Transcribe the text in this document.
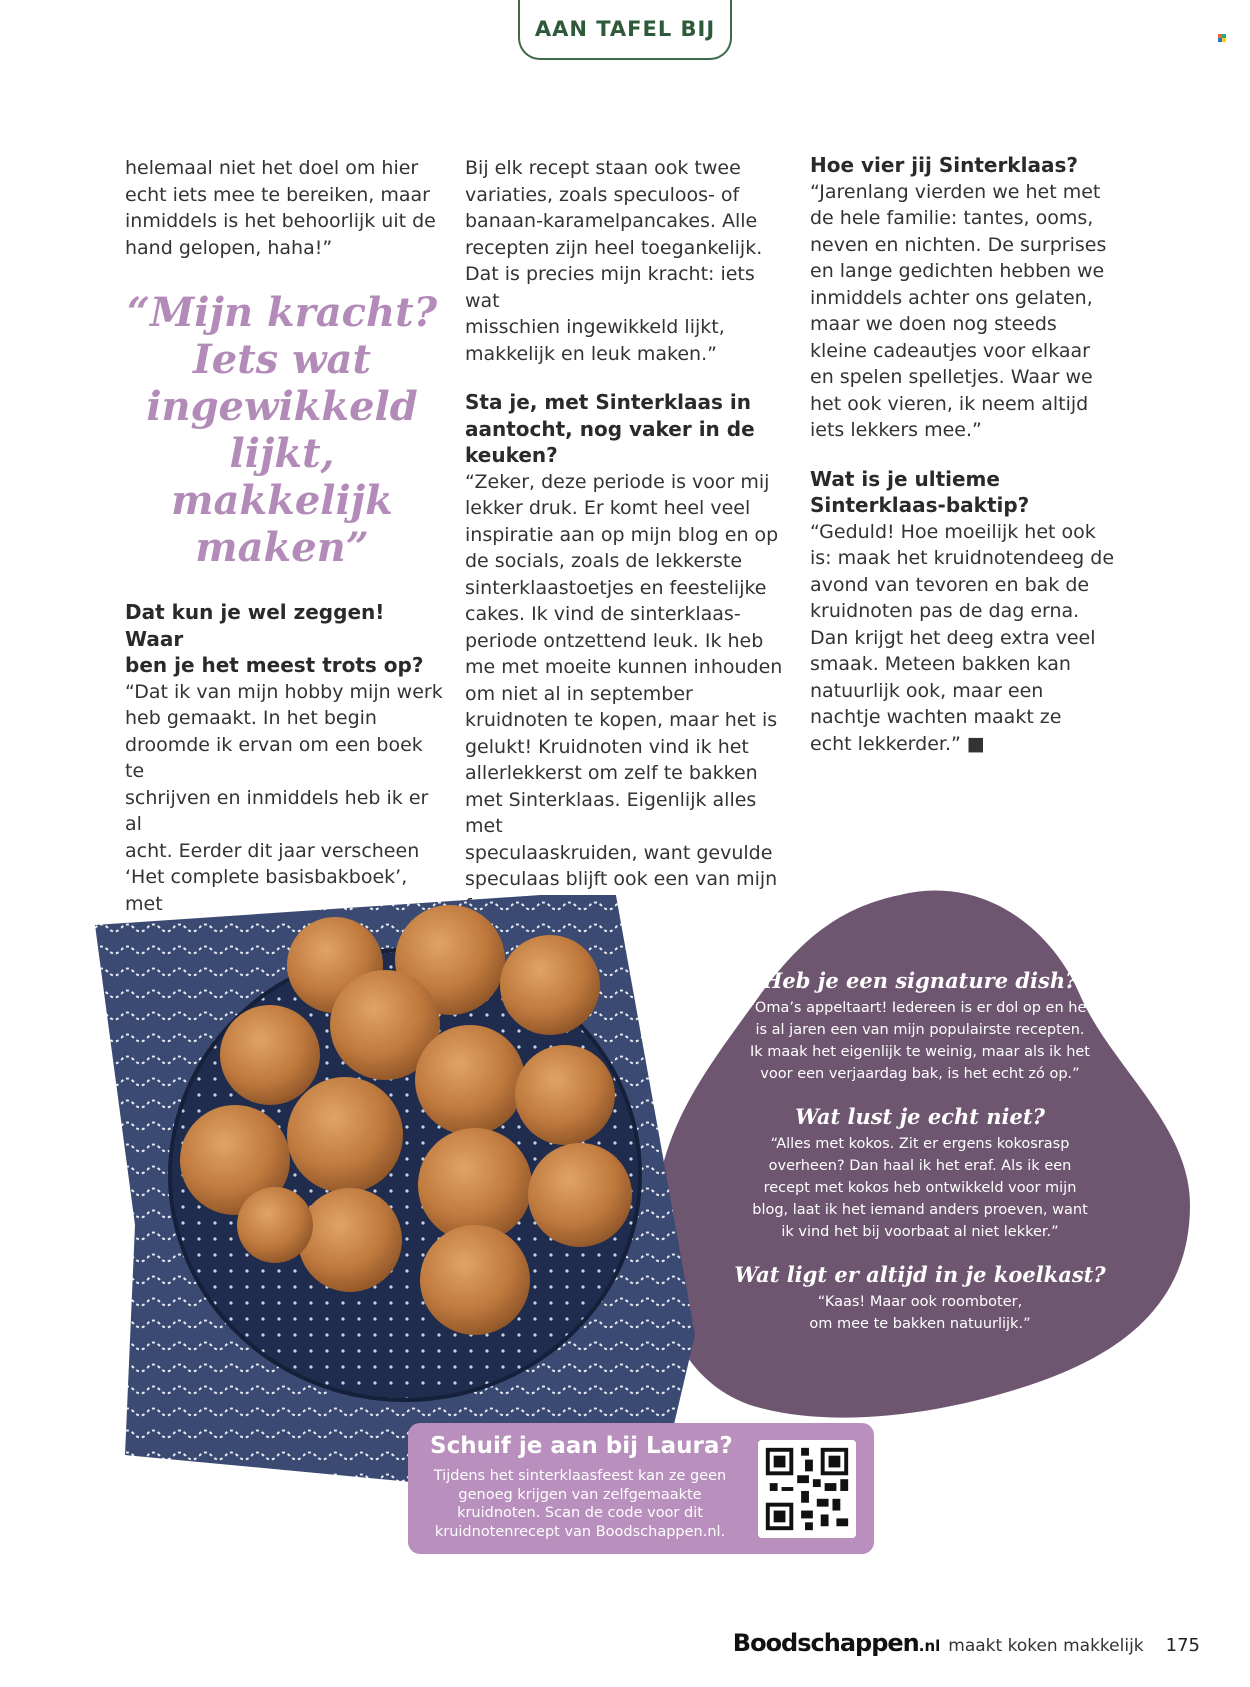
AAN TAFEL BIJ

helemaal niet het doel om hier
echt iets mee te bereiken, maar
inmiddels is het behoorlijk uit de
hand gelopen, haha!”

“Mijn kracht?
Iets wat
ingewikkeld
lijkt,
makkelijk
maken”
Dat kun je wel zeggen! Waar
ben je het meest trots op?

“Dat ik van mijn hobby mijn werk
heb gemaakt. In het begin
droomde ik ervan om een boek te
schrijven en inmiddels heb ik er al
acht. Eerder dit jaar verscheen
‘Het complete basisbakboek’, met

Bij elk recept staan ook twee
variaties, zoals speculoos- of
banaan-karamelpancakes. Alle
recepten zijn heel toegankelijk.
Dat is precies mijn kracht: iets wat
misschien ingewikkeld lijkt,
makkelijk en leuk maken.”

Sta je, met Sinterklaas in
aantocht, nog vaker in de
keuken?

“Zeker, deze periode is voor mij
lekker druk. Er komt heel veel
inspiratie aan op mijn blog en op
de socials, zoals de lekkerste
sinterklaastoetjes en feestelijke
cakes. Ik vind de sinterklaas-
periode ontzettend leuk. Ik heb
me met moeite kunnen inhouden
om niet al in september
kruidnoten te kopen, maar het is
gelukt! Kruidnoten vind ik het
allerlekkerst om zelf te bakken
met Sinterklaas. Eigenlijk alles met
speculaaskruiden, want gevulde
speculaas blijft ook een van mijn

Hoe vier jij Sinterklaas?

“Jarenlang vierden we het met
de hele familie: tantes, ooms,
neven en nichten. De surprises
en lange gedichten hebben we
inmiddels achter ons gelaten,
maar we doen nog steeds
kleine cadeautjes voor elkaar
en spelen spelletjes. Waar we
het ook vieren, ik neem altijd
iets lekkers mee.”

Wat is je ultieme
Sinterklaas-baktip?

“Geduld! Hoe moeilijk het ook
is: maak het kruidnotendeeg de
avond van tevoren en bak de
kruidnoten pas de dag erna.
Dan krijgt het deeg extra veel
smaak. Meteen bakken kan
natuurlijk ook, maar een
nachtje wachten maakt ze
echt lekkerder.” ■

Heb je een signature dish?

“Oma’s appeltaart! Iedereen is er dol op en het
is al jaren een van mijn populairste recepten.
Ik maak het eigenlijk te weinig, maar als ik het
voor een verjaardag bak, is het echt zó op.”

Wat lust je echt niet?

“Alles met kokos. Zit er ergens kokosrasp
overheen? Dan haal ik het eraf. Als ik een
recept met kokos heb ontwikkeld voor mijn
blog, laat ik het iemand anders proeven, want
ik vind het bij voorbaat al niet lekker.”

Wat ligt er altijd in je koelkast?

“Kaas! Maar ook roomboter,
om mee te bakken natuurlijk.”

Schuif je aan bij Laura?

Tijdens het sinterklaasfeest kan ze geen
genoeg krijgen van zelfgemaakte
kruidnoten. Scan de code voor dit
kruidnotenrecept van Boodschappen.nl.

Boodschappen.nl maakt koken makkelijk 175
